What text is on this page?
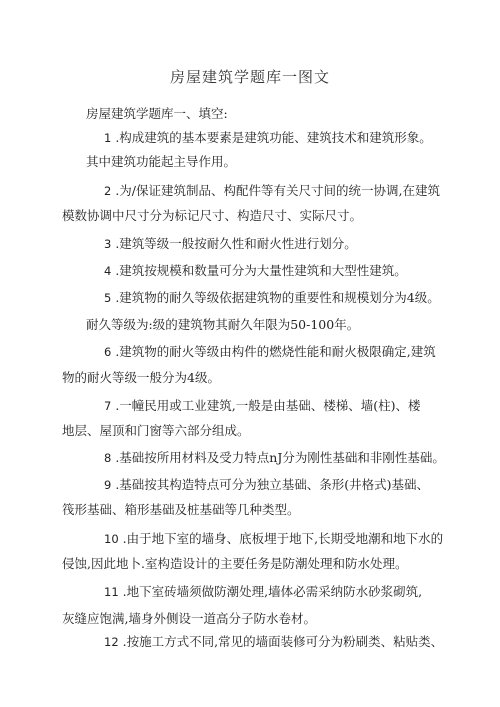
房屋建筑学题库一图文
房屋建筑学题库一、填空:
1 .构成建筑的基本要素是建筑功能、建筑技术和建筑形象。
其中建筑功能起主导作用。
2 .为/保证建筑制品、构配件等有关尺寸间的统一协调,在建筑
模数协调中尺寸分为标记尺寸、构造尺寸、实际尺寸。
3 .建筑等级一般按耐久性和耐火性进行划分。
4 .建筑按规模和数量可分为大量性建筑和大型性建筑。
5 .建筑物的耐久等级依据建筑物的重要性和规模划分为4级。
耐久等级为:级的建筑物其耐久年限为50-100年。
6 .建筑物的耐火等级由构件的燃烧性能和耐火极限确定,建筑
物的耐火等级一般分为4级。
7 .一幢民用或工业建筑,一般是由基础、楼梯、墙(柱)、楼
地层、屋顶和门窗等六部分组成。
8 .基础按所用材料及受力特点nJ分为刚性基础和非刚性基础。
9 .基础按其构造特点可分为独立基础、条形(井格式)基础、
筏形基础、箱形基础及桩基础等几种类型。
10 .由于地下室的墙身、底板埋于地下,长期受地潮和地下水的
侵蚀,因此地卜.室构造设计的主要任务是防潮处理和防水处理。
11 .地下室砖墙须做防潮处理,墙体必需采纳防水砂浆砌筑,
灰缝应饱满,墙身外侧设一道高分子防水卷材。
12 .按施工方式不同,常见的墙面装修可分为粉刷类、粘贴类、
